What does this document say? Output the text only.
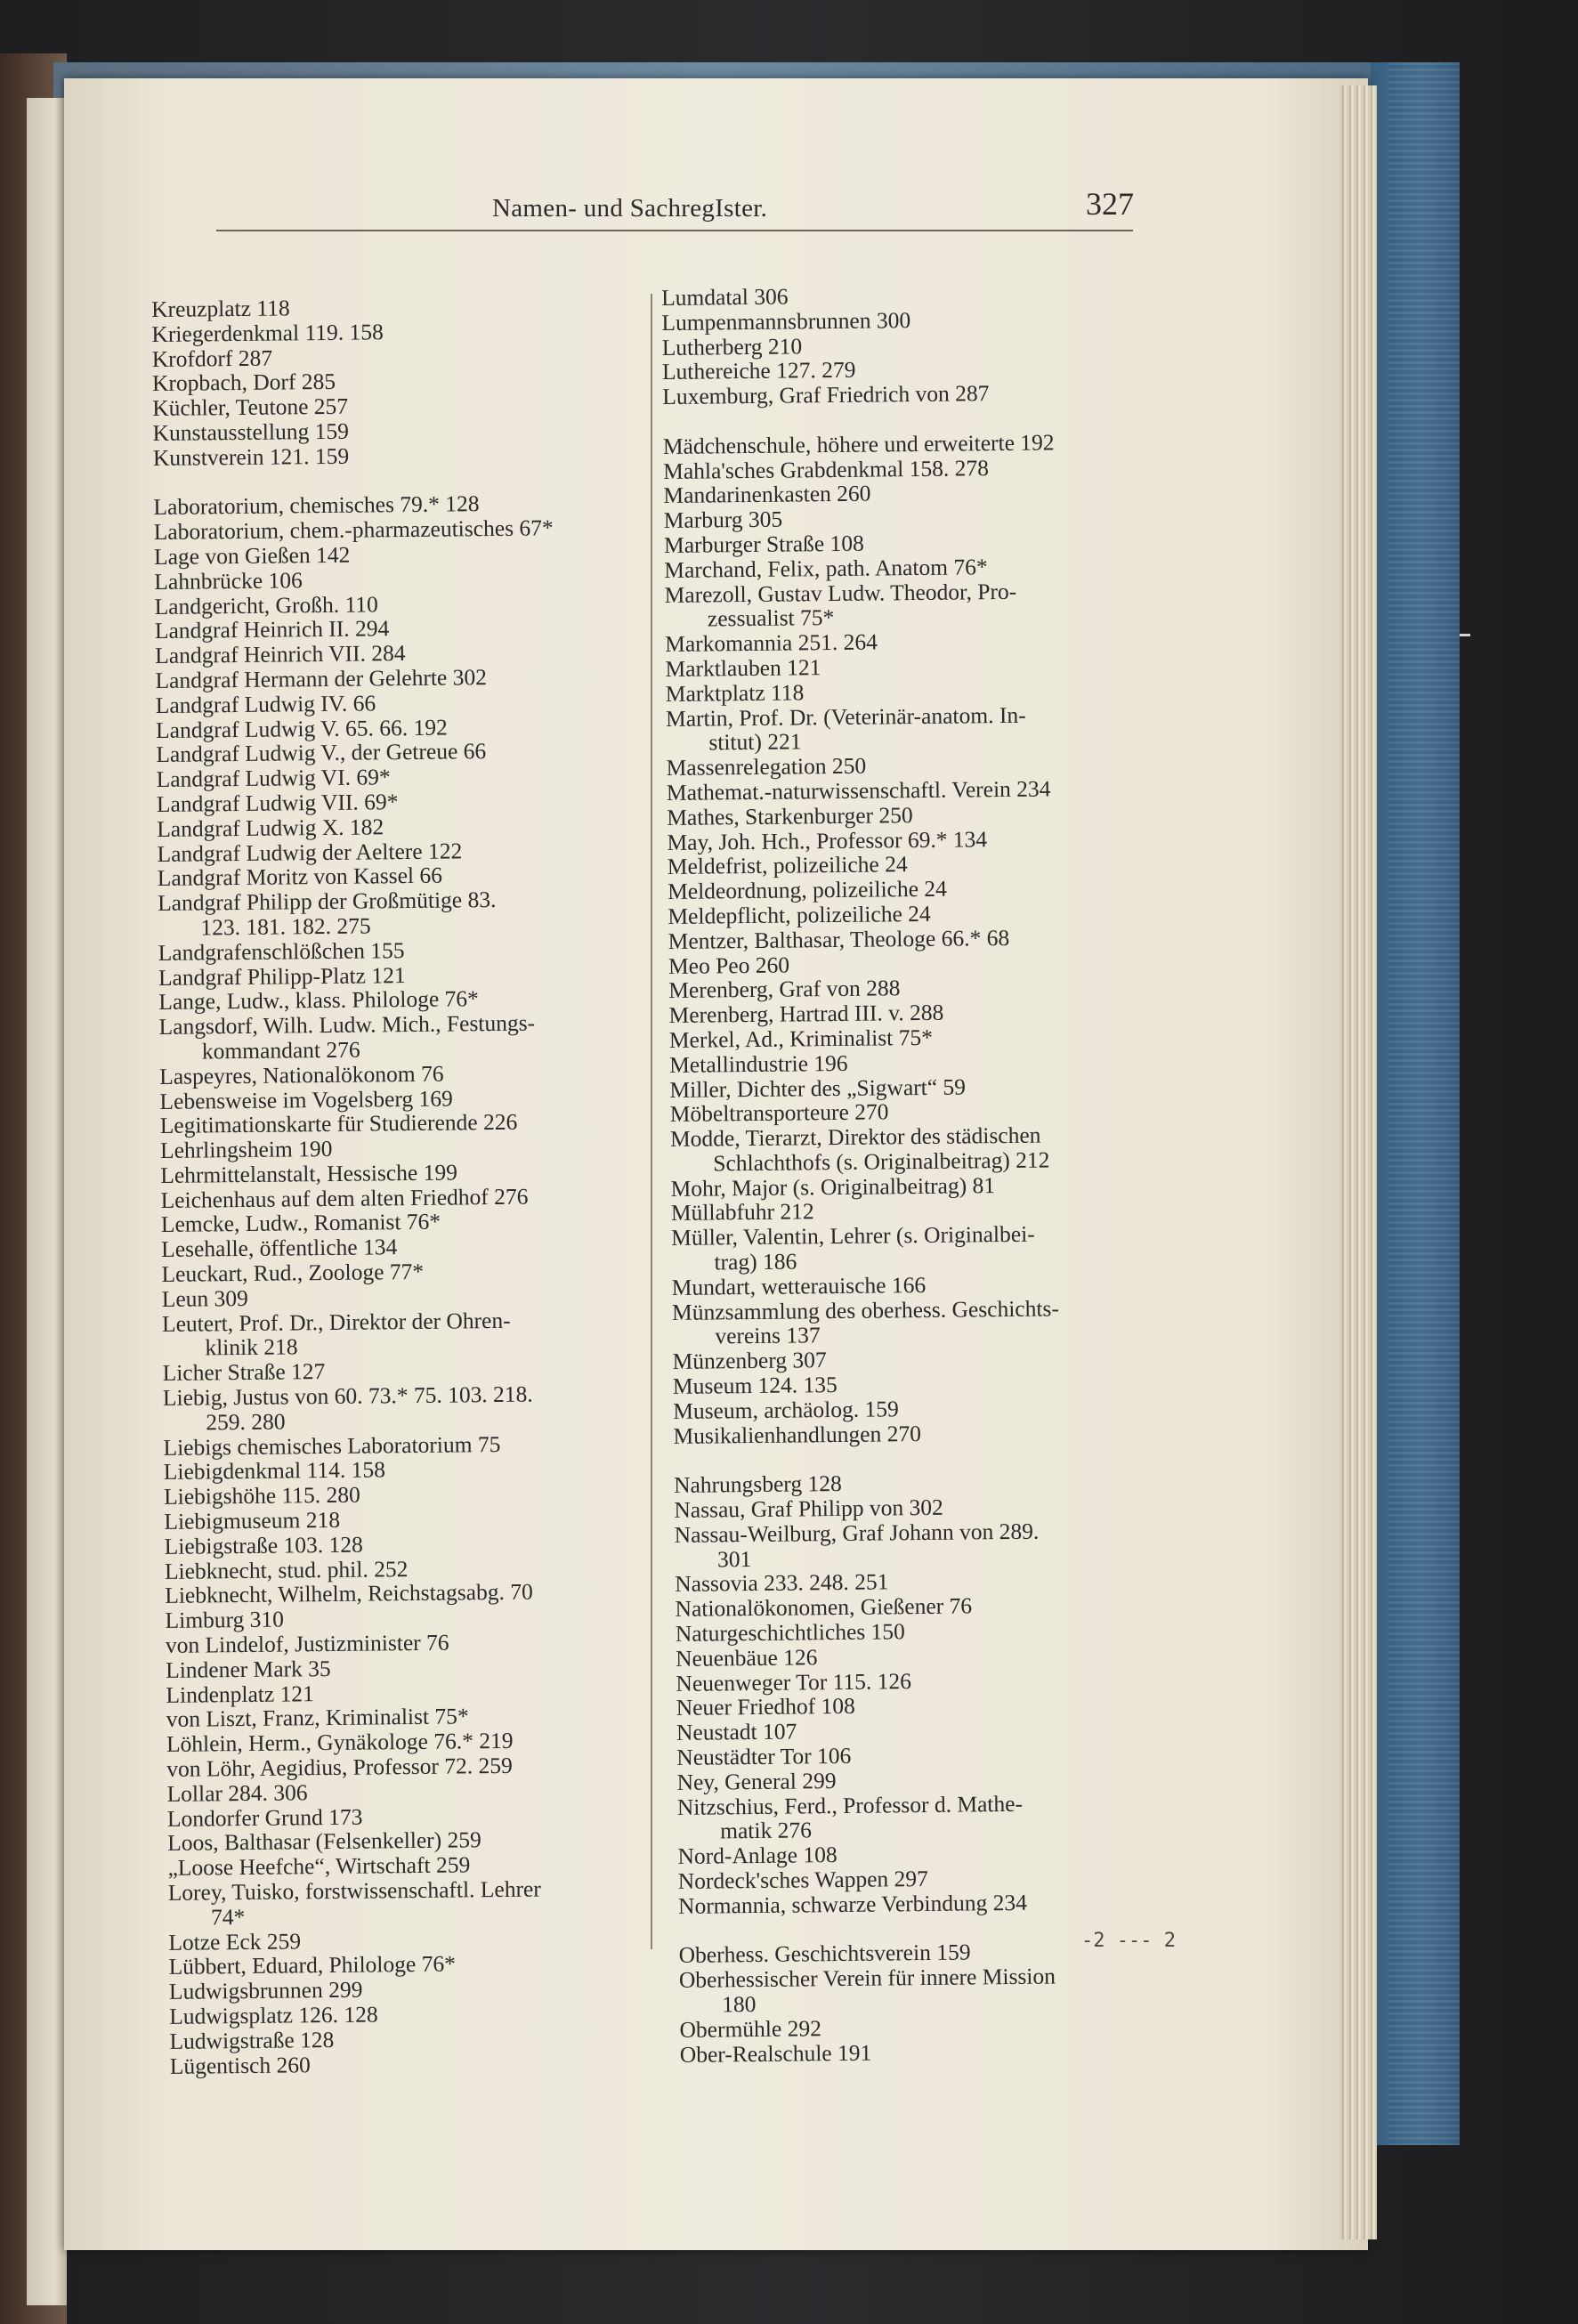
Namen- und SachregIster.	327
Kreuzplatz 118
Kriegerdenkmal 119. 158
Krofdorf 287
Kropbach, Dorf 285
Küchler, Teutone 257
Kunstausstellung 159
Kunstverein 121. 159
Laboratorium, chemisches 79.* 128
Laboratorium, chem.-pharmazeutisches 67*
Lage von Gießen 142
Lahnbrücke 106
Landgericht, Großh. 110
Landgraf Heinrich II. 294
Landgraf Heinrich VII. 284
Landgraf Hermann der Gelehrte 302
Landgraf Ludwig IV. 66
Landgraf Ludwig V. 65. 66. 192
Landgraf Ludwig V., der Getreue 66
Landgraf Ludwig VI. 69*
Landgraf Ludwig VII. 69*
Landgraf Ludwig X. 182
Landgraf Ludwig der Aeltere 122
Landgraf Moritz von Kassel 66
Landgraf Philipp der Großmütige 83.
123. 181. 182. 275
Landgrafenschlößchen 155
Landgraf Philipp-Platz 121
Lange, Ludw., klass. Philologe 76*
Langsdorf, Wilh. Ludw. Mich., Festungs-
kommandant 276
Laspeyres, Nationalökonom 76
Lebensweise im Vogelsberg 169
Legitimationskarte für Studierende 226
Lehrlingsheim 190
Lehrmittelanstalt, Hessische 199
Leichenhaus auf dem alten Friedhof 276
Lemcke, Ludw., Romanist 76*
Lesehalle, öffentliche 134
Leuckart, Rud., Zoologe 77*
Leun 309
Leutert, Prof. Dr., Direktor der Ohren-
klinik 218
Licher Straße 127
Liebig, Justus von 60. 73.* 75. 103. 218.
259. 280
Liebigs chemisches Laboratorium 75
Liebigdenkmal 114. 158
Liebigshöhe 115. 280
Liebigmuseum 218
Liebigstraße 103. 128
Liebknecht, stud. phil. 252
Liebknecht, Wilhelm, Reichstagsabg. 70
Limburg 310
von Lindelof, Justizminister 76
Lindener Mark 35
Lindenplatz 121
von Liszt, Franz, Kriminalist 75*
Löhlein, Herm., Gynäkologe 76.* 219
von Löhr, Aegidius, Professor 72. 259
Lollar 284. 306
Londorfer Grund 173
Loos, Balthasar (Felsenkeller) 259
„Loose Heefche“, Wirtschaft 259
Lorey, Tuisko, forstwissenschaftl. Lehrer
74*
Lotze Eck 259
Lübbert, Eduard, Philologe 76*
Ludwigsbrunnen 299
Ludwigsplatz 126. 128
Ludwigstraße 128
Lügentisch 260
Lumdatal 306
Lumpenmannsbrunnen 300
Lutherberg 210
Luthereiche 127. 279
Luxemburg, Graf Friedrich von 287
Mädchenschule, höhere und erweiterte 192
Mahla'sches Grabdenkmal 158. 278
Mandarinenkasten 260
Marburg 305
Marburger Straße 108
Marchand, Felix, path. Anatom 76*
Marezoll, Gustav Ludw. Theodor, Pro-
zessualist 75*
Markomannia 251. 264
Marktlauben 121
Marktplatz 118
Martin, Prof. Dr. (Veterinär-anatom. In-
stitut) 221
Massenrelegation 250
Mathemat.-naturwissenschaftl. Verein 234
Mathes, Starkenburger 250
May, Joh. Hch., Professor 69.* 134
Meldefrist, polizeiliche 24
Meldeordnung, polizeiliche 24
Meldepflicht, polizeiliche 24
Mentzer, Balthasar, Theologe 66.* 68
Meo Peo 260
Merenberg, Graf von 288
Merenberg, Hartrad III. v. 288
Merkel, Ad., Kriminalist 75*
Metallindustrie 196
Miller, Dichter des „Sigwart“ 59
Möbeltransporteure 270
Modde, Tierarzt, Direktor des städischen
Schlachthofs (s. Originalbeitrag) 212
Mohr, Major (s. Originalbeitrag) 81
Müllabfuhr 212
Müller, Valentin, Lehrer (s. Originalbei-
trag) 186
Mundart, wetterauische 166
Münzsammlung des oberhess. Geschichts-
vereins 137
Münzenberg 307
Museum 124. 135
Museum, archäolog. 159
Musikalienhandlungen 270
Nahrungsberg 128
Nassau, Graf Philipp von 302
Nassau-Weilburg, Graf Johann von 289.
301
Nassovia 233. 248. 251
Nationalökonomen, Gießener 76
Naturgeschichtliches 150
Neuenbäue 126
Neuenweger Tor 115. 126
Neuer Friedhof 108
Neustadt 107
Neustädter Tor 106
Ney, General 299
Nitzschius, Ferd., Professor d. Mathe-
matik 276
Nord-Anlage 108
Nordeck'sches Wappen 297
Normannia, schwarze Verbindung 234
Oberhess. Geschichtsverein 159
Oberhessischer Verein für innere Mission
180
Obermühle 292
Ober-Realschule 191
-2 --- 2
